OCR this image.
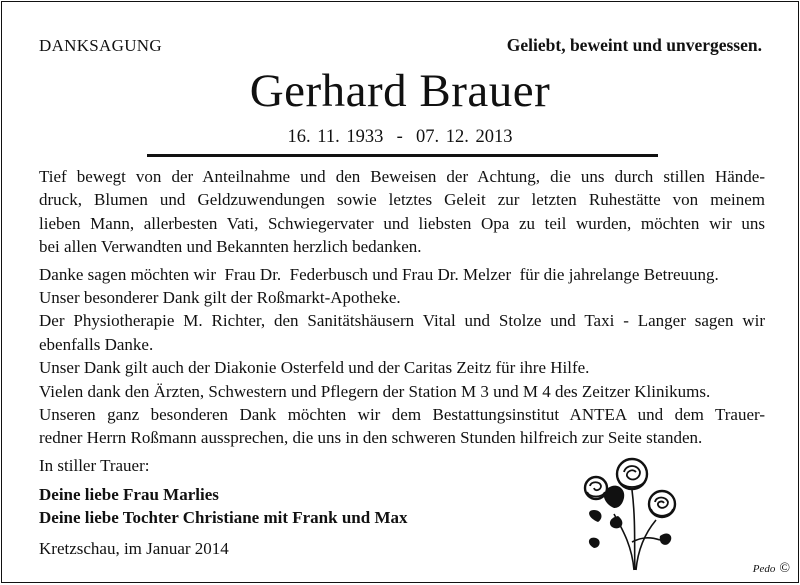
DANKSAGUNG	Geliebt, beweint und unvergessen.
Gerhard Brauer
16. 11. 1933  -  07. 12. 2013
Tief bewegt von der Anteilnahme und den Beweisen der Achtung, die uns durch stillen Hände-
druck, Blumen und Geldzuwendungen sowie letztes Geleit zur letzten Ruhestätte von meinem
lieben Mann, allerbesten Vati, Schwiegervater und liebsten Opa zu teil wurden, möchten wir uns
bei allen Verwandten und Bekannten herzlich bedanken.
Danke sagen möchten wir  Frau Dr.  Federbusch und Frau Dr. Melzer  für die jahrelange Betreuung.
Unser besonderer Dank gilt der Roßmarkt-Apotheke.
Der Physiotherapie M. Richter, den Sanitätshäusern Vital und Stolze und Taxi - Langer sagen wir
ebenfalls Danke.
Unser Dank gilt auch der Diakonie Osterfeld und der Caritas Zeitz für ihre Hilfe.
Vielen dank den Ärzten, Schwestern und Pflegern der Station M 3 und M 4 des Zeitzer Klinikums.
Unseren ganz besonderen Dank möchten wir dem Bestattungsinstitut ANTEA und dem Trauer-
redner Herrn Roßmann aussprechen, die uns in den schweren Stunden hilfreich zur Seite standen.
In stiller Trauer:
Deine liebe Frau Marlies
Deine liebe Tochter Christiane mit Frank und Max
Kretzschau, im Januar 2014
Pedo ©
